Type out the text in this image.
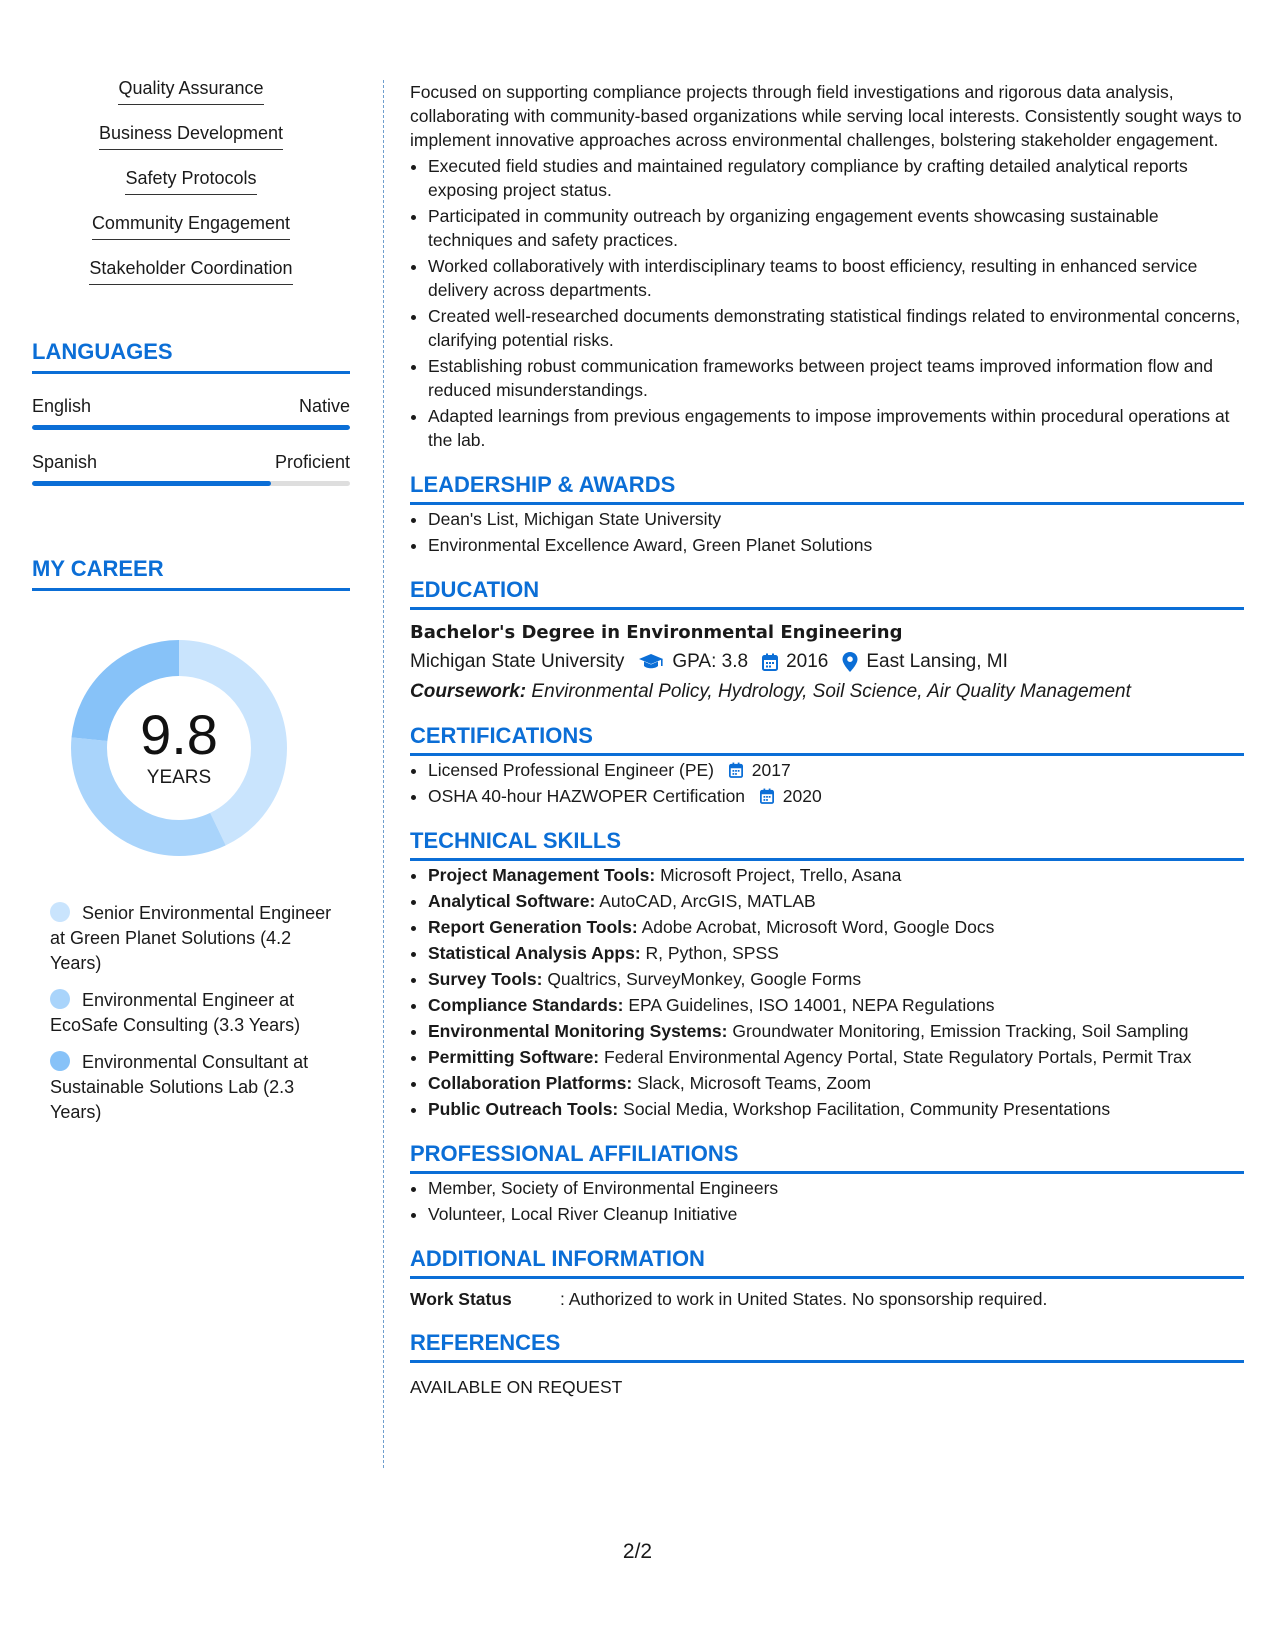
Quality Assurance
Business Development
Safety Protocols
Community Engagement
Stakeholder Coordination
LANGUAGES
English	Native
Spanish	Proficient
MY CAREER
9.8
YEARS
Senior Environmental Engineer at Green Planet Solutions (4.2 Years)
Environmental Engineer at EcoSafe Consulting (3.3 Years)
Environmental Consultant at Sustainable Solutions Lab (2.3 Years)

Focused on supporting compliance projects through field investigations and rigorous data analysis, collaborating with community-based organizations while serving local interests. Consistently sought ways to implement innovative approaches across environmental challenges, bolstering stakeholder engagement.

• Executed field studies and maintained regulatory compliance by crafting detailed analytical reports exposing project status.
• Participated in community outreach by organizing engagement events showcasing sustainable techniques and safety practices.
• Worked collaboratively with interdisciplinary teams to boost efficiency, resulting in enhanced service delivery across departments.
• Created well-researched documents demonstrating statistical findings related to environmental concerns, clarifying potential risks.
• Establishing robust communication frameworks between project teams improved information flow and reduced misunderstandings.
• Adapted learnings from previous engagements to impose improvements within procedural operations at the lab.
LEADERSHIP & AWARDS
• Dean's List, Michigan State University
• Environmental Excellence Award, Green Planet Solutions
EDUCATION
Bachelor's Degree in Environmental Engineering
Michigan State University	GPA: 3.8 2016 East Lansing, MI
Coursework: Environmental Policy, Hydrology, Soil Science, Air Quality Management
CERTIFICATIONS
• Licensed Professional Engineer (PE) 2017
• OSHA 40-hour HAZWOPER Certification 2020
TECHNICAL SKILLS
• Project Management Tools: Microsoft Project, Trello, Asana
• Analytical Software: AutoCAD, ArcGIS, MATLAB
• Report Generation Tools: Adobe Acrobat, Microsoft Word, Google Docs
• Statistical Analysis Apps: R, Python, SPSS
• Survey Tools: Qualtrics, SurveyMonkey, Google Forms
• Compliance Standards: EPA Guidelines, ISO 14001, NEPA Regulations
• Environmental Monitoring Systems: Groundwater Monitoring, Emission Tracking, Soil Sampling
• Permitting Software: Federal Environmental Agency Portal, State Regulatory Portals, Permit Trax
• Collaboration Platforms: Slack, Microsoft Teams, Zoom
• Public Outreach Tools: Social Media, Workshop Facilitation, Community Presentations
PROFESSIONAL AFFILIATIONS
• Member, Society of Environmental Engineers
• Volunteer, Local River Cleanup Initiative
ADDITIONAL INFORMATION
Work Status	: Authorized to work in United States. No sponsorship required.
REFERENCES
AVAILABLE ON REQUEST
2/2
